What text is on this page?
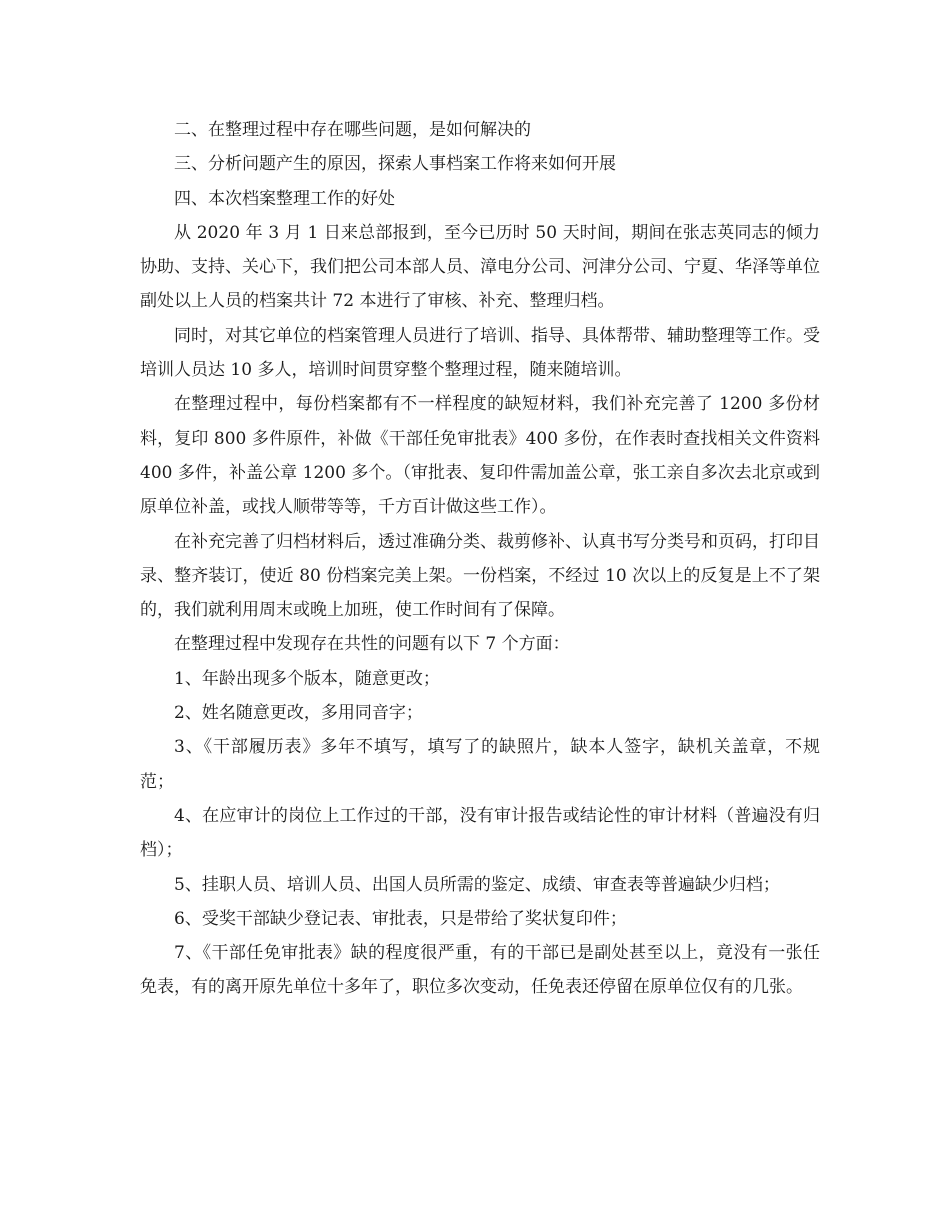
二、在整理过程中存在哪些问题，是如何解决的

三、分析问题产生的原因，探索人事档案工作将来如何开展

四、本次档案整理工作的好处

从 2020 年 3 月 1 日来总部报到，至今已历时 50 天时间，期间在张志英同志的倾力协助、支持、关心下，我们把公司本部人员、漳电分公司、河津分公司、宁夏、华泽等单位副处以上人员的档案共计 72 本进行了审核、补充、整理归档。

同时，对其它单位的档案管理人员进行了培训、指导、具体帮带、辅助整理等工作。受培训人员达 10 多人，培训时间贯穿整个整理过程，随来随培训。

在整理过程中，每份档案都有不一样程度的缺短材料，我们补充完善了 1200 多份材料，复印 800 多件原件，补做《干部任免审批表》400 多份，在作表时查找相关文件资料 400 多件，补盖公章 1200 多个。（审批表、复印件需加盖公章，张工亲自多次去北京或到原单位补盖，或找人顺带等等，千方百计做这些工作）。

在补充完善了归档材料后，透过准确分类、裁剪修补、认真书写分类号和页码，打印目录、整齐装订，使近 80 份档案完美上架。一份档案，不经过 10 次以上的反复是上不了架的，我们就利用周末或晚上加班，使工作时间有了保障。

在整理过程中发现存在共性的问题有以下 7 个方面：

1、年龄出现多个版本，随意更改；

2、姓名随意更改，多用同音字；

3、《干部履历表》多年不填写，填写了的缺照片，缺本人签字，缺机关盖章，不规范；

4、在应审计的岗位上工作过的干部，没有审计报告或结论性的审计材料（普遍没有归档）；

5、挂职人员、培训人员、出国人员所需的鉴定、成绩、审查表等普遍缺少归档；

6、受奖干部缺少登记表、审批表，只是带给了奖状复印件；

7、《干部任免审批表》缺的程度很严重，有的干部已是副处甚至以上，竟没有一张任免表，有的离开原先单位十多年了，职位多次变动，任免表还停留在原单位仅有的几张。
